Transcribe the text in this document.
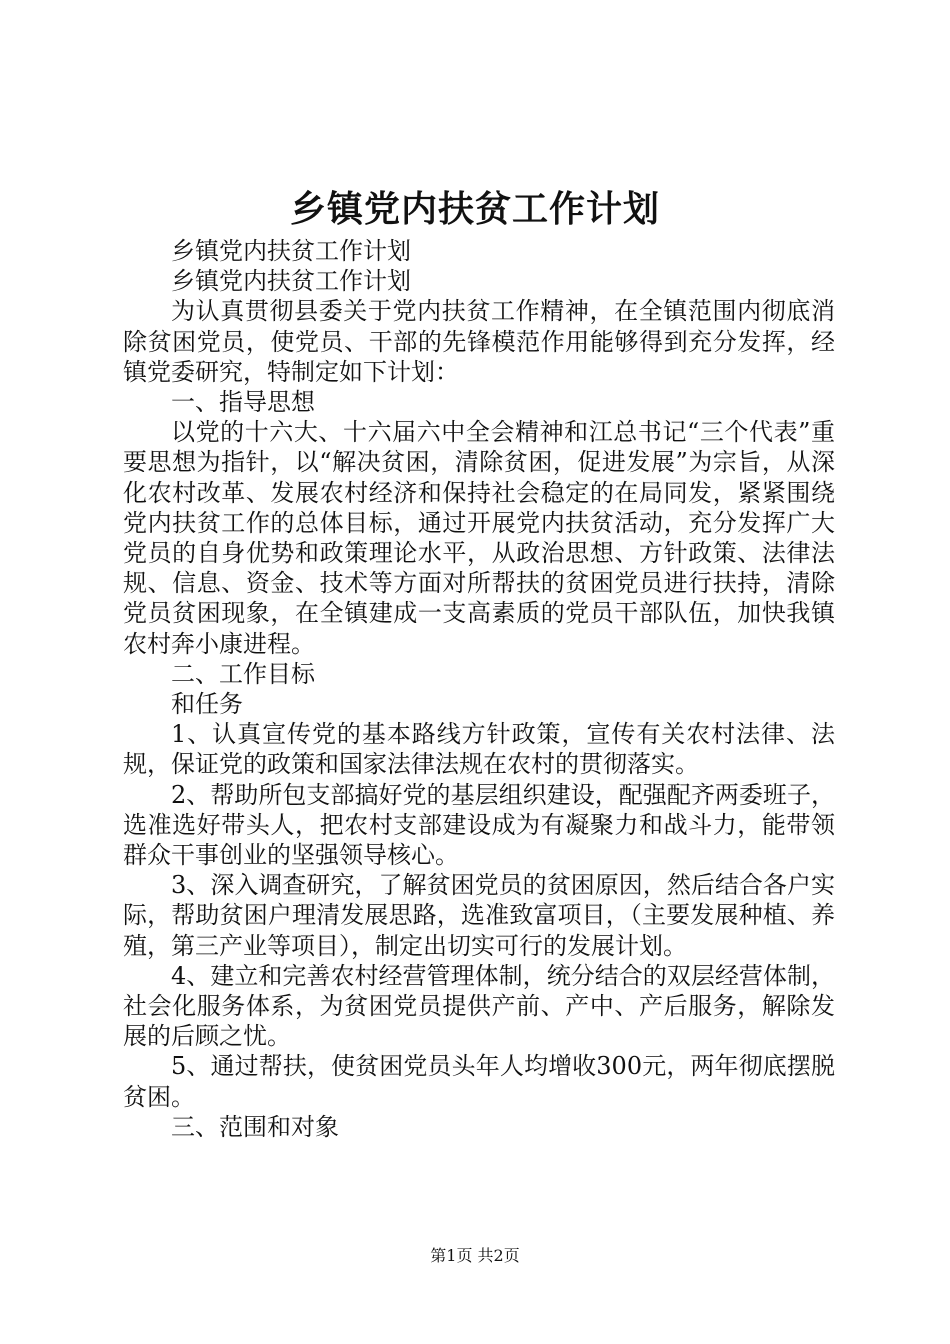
乡镇党内扶贫工作计划

乡镇党内扶贫工作计划

乡镇党内扶贫工作计划

为认真贯彻县委关于党内扶贫工作精神，在全镇范围内彻底消除贫困党员，使党员、干部的先锋模范作用能够得到充分发挥，经镇党委研究，特制定如下计划：

一、指导思想

以党的十六大、十六届六中全会精神和江总书记“三个代表”重要思想为指针，以“解决贫困，清除贫困，促进发展”为宗旨，从深化农村改革、发展农村经济和保持社会稳定的在局同发，紧紧围绕党内扶贫工作的总体目标，通过开展党内扶贫活动，充分发挥广大党员的自身优势和政策理论水平，从政治思想、方针政策、法律法规、信息、资金、技术等方面对所帮扶的贫困党员进行扶持，清除党员贫困现象，在全镇建成一支高素质的党员干部队伍，加快我镇农村奔小康进程。

二、工作目标

和任务

1、认真宣传党的基本路线方针政策，宣传有关农村法律、法规，保证党的政策和国家法律法规在农村的贯彻落实。

2、帮助所包支部搞好党的基层组织建设，配强配齐两委班子，选准选好带头人，把农村支部建设成为有凝聚力和战斗力，能带领群众干事创业的坚强领导核心。

3、深入调查研究，了解贫困党员的贫困原因，然后结合各户实际，帮助贫困户理清发展思路，选准致富项目，（主要发展种植、养殖，第三产业等项目），制定出切实可行的发展计划。

4、建立和完善农村经营管理体制，统分结合的双层经营体制，社会化服务体系，为贫困党员提供产前、产中、产后服务，解除发展的后顾之忧。

5、通过帮扶，使贫困党员头年人均增收300元，两年彻底摆脱贫困。

三、范围和对象

第1页 共2页
